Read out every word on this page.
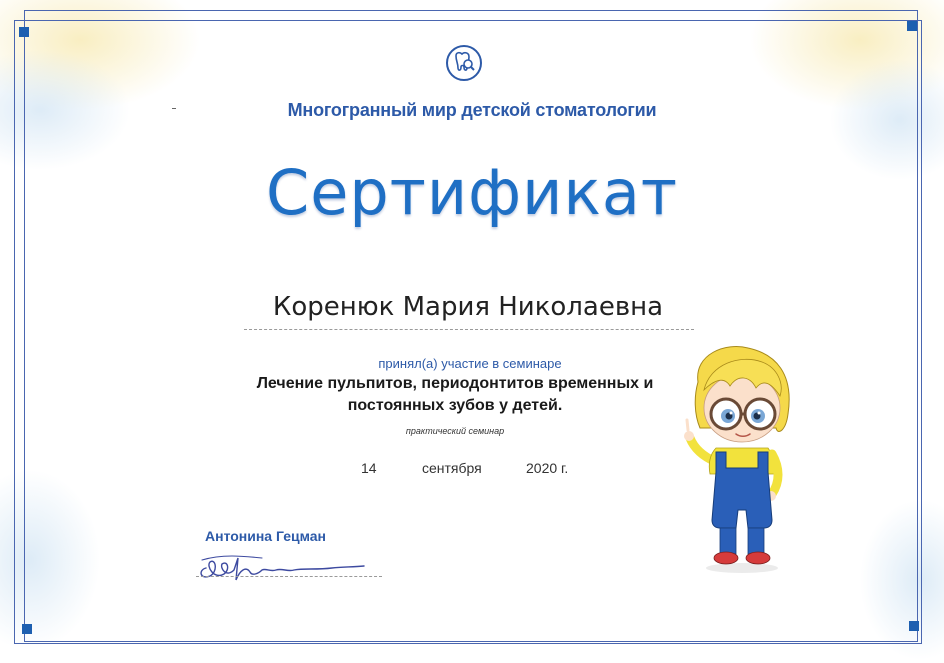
Многогранный мир детской стоматологии
Сертификат
Коренюк Мария Николаевна
принял(а) участие в семинаре
Лечение пульпитов, периодонтитов временных и
постоянных зубов у детей.
практический семинар
14	сентября	2020 г.
Антонина Гецман
